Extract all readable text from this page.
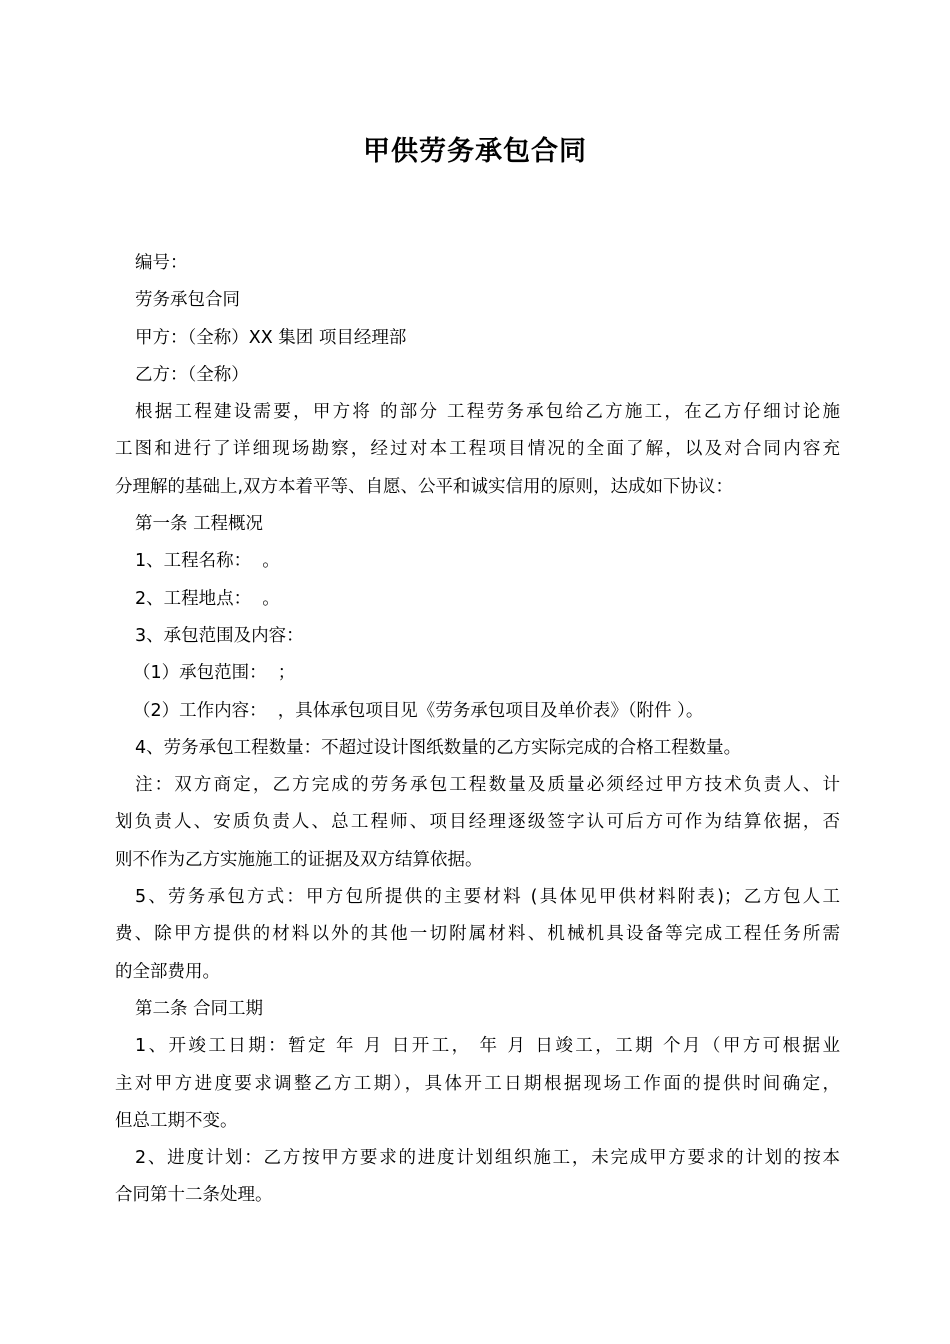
甲供劳务承包合同
编号：
劳务承包合同
甲方：（全称）XX 集团 项目经理部
乙方：（全称）
根据工程建设需要，甲方将 的部分 工程劳务承包给乙方施工，在乙方仔细讨论施
工图和进行了详细现场勘察，经过对本工程项目情况的全面了解，以及对合同内容充
分理解的基础上,双方本着平等、自愿、公平和诚实信用的原则，达成如下协议：
第一条 工程概况
1、工程名称：  。
2、工程地点：  。
3、承包范围及内容：
（1）承包范围：  ；
（2）工作内容：  ，具体承包项目见《劳务承包项目及单价表》（附件 ）。
4、劳务承包工程数量：不超过设计图纸数量的乙方实际完成的合格工程数量。
注：双方商定，乙方完成的劳务承包工程数量及质量必须经过甲方技术负责人、计
划负责人、安质负责人、总工程师、项目经理逐级签字认可后方可作为结算依据，否
则不作为乙方实施施工的证据及双方结算依据。
5、劳务承包方式：甲方包所提供的主要材料 (具体见甲供材料附表)；乙方包人工
费、除甲方提供的材料以外的其他一切附属材料、机械机具设备等完成工程任务所需
的全部费用。
第二条 合同工期
1、开竣工日期：暂定 年 月 日开工， 年 月 日竣工，工期 个月（甲方可根据业
主对甲方进度要求调整乙方工期），具体开工日期根据现场工作面的提供时间确定，
但总工期不变。
2、进度计划：乙方按甲方要求的进度计划组织施工，未完成甲方要求的计划的按本
合同第十二条处理。
